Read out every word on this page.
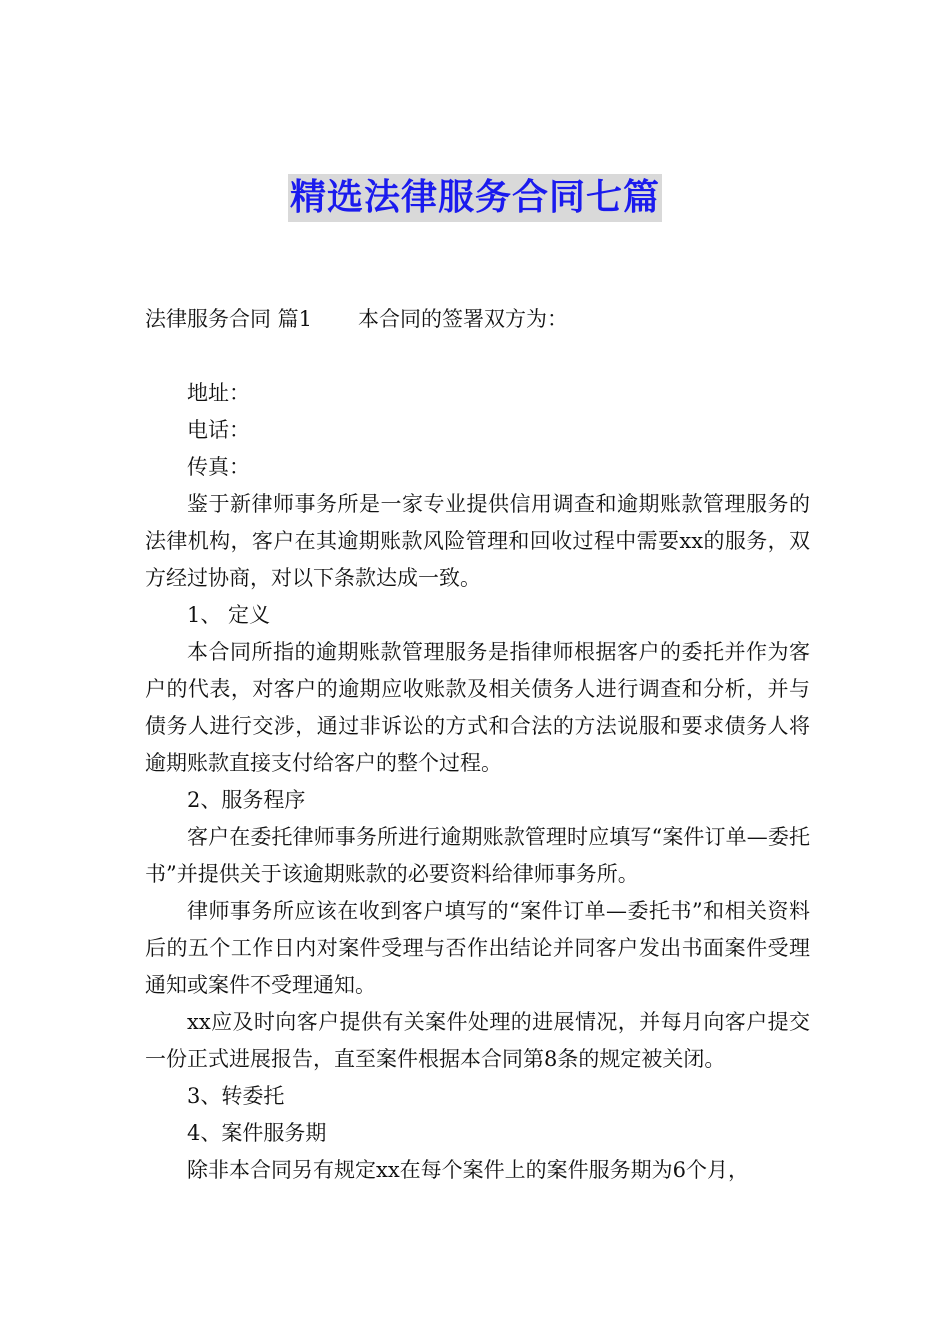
精选法律服务合同七篇

法律服务合同 篇1 本合同的签署双方为：

地址：

电话：

传真：

鉴于新律师事务所是一家专业提供信用调查和逾期账款管理服务的法律机构，客户在其逾期账款风险管理和回收过程中需要xx的服务，双方经过协商，对以下条款达成一致。

1、 定义

本合同所指的逾期账款管理服务是指律师根据客户的委托并作为客户的代表，对客户的逾期应收账款及相关债务人进行调查和分析，并与债务人进行交涉，通过非诉讼的方式和合法的方法说服和要求债务人将逾期账款直接支付给客户的整个过程。

2、服务程序

客户在委托律师事务所进行逾期账款管理时应填写“案件订单—委托书”并提供关于该逾期账款的必要资料给律师事务所。

律师事务所应该在收到客户填写的“案件订单—委托书”和相关资料后的五个工作日内对案件受理与否作出结论并同客户发出书面案件受理通知或案件不受理通知。

xx应及时向客户提供有关案件处理的进展情况，并每月向客户提交一份正式进展报告，直至案件根据本合同第8条的规定被关闭。

3、转委托

4、案件服务期

除非本合同另有规定xx在每个案件上的案件服务期为6个月，
